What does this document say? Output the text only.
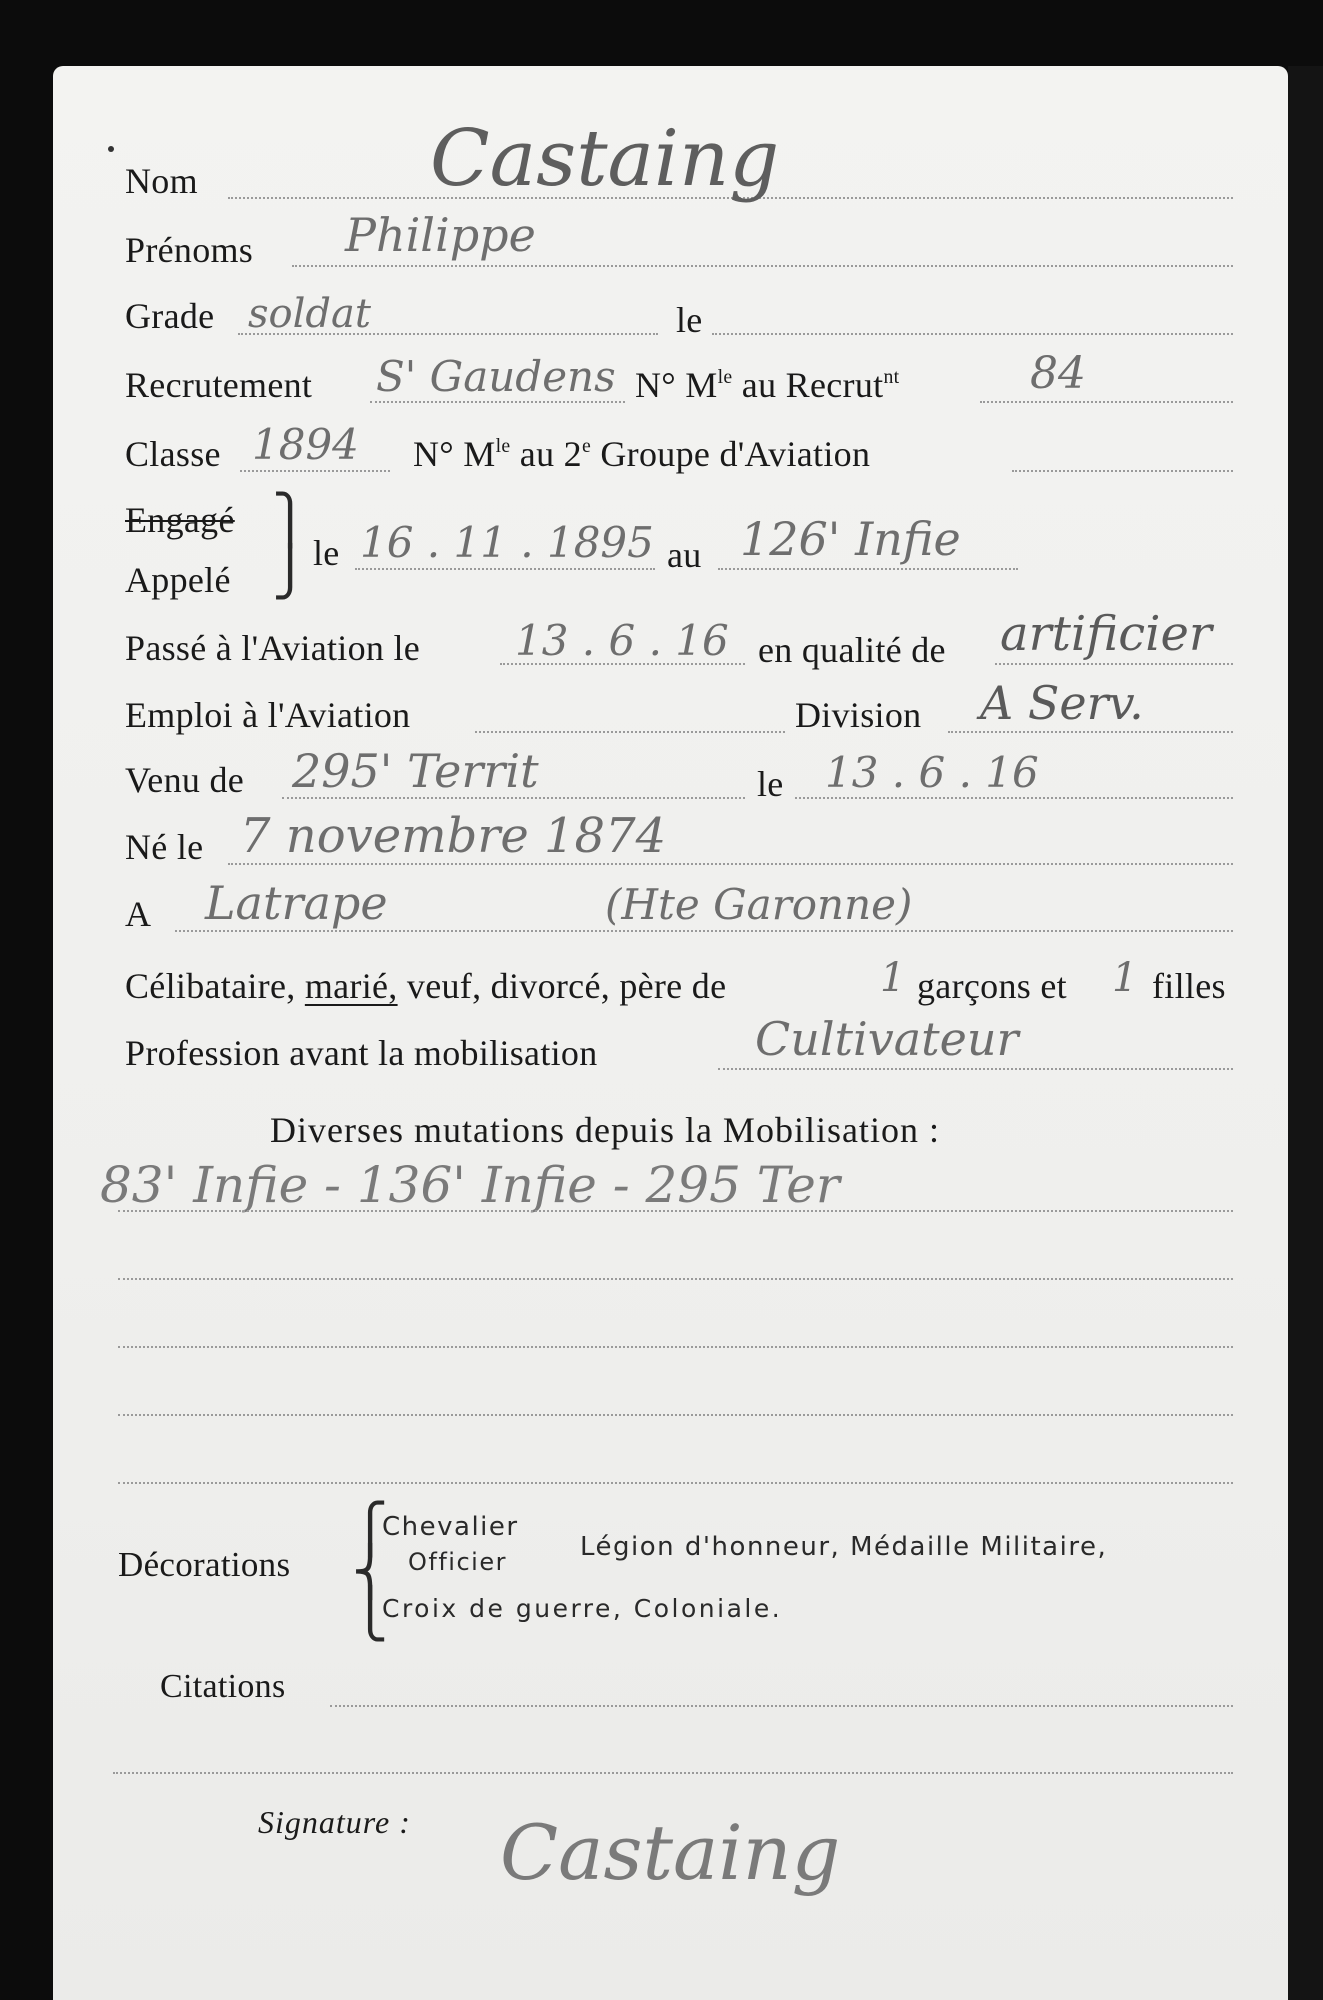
Nom	Castaing
Prénoms Philippe
Grade soldat	le
Recrutement S' Gaudens N° $M^{le}$ au Recrut$^{nt}$	84
Classe 1894 N° $M^{le}$ au 2e Groupe d'Aviation
Engagé
Appelé
⎫
⎭ le 16 . 11 . 1895 au 126' Infie
Passé à l'Aviation le 13 . 6 . 16 en qualité de artificier
Emploi à l'Aviation	Division A Serv.
Venu de 295' Territ	le 13 . 6 . 16
Né le 7 novembre 1874
A Latrape	(Hte Garonne)
Célibataire, marié, veuf, divorcé, père de	1 garçons et 1 filles
Profession avant la mobilisation	Cultivateur
Diverses mutations depuis la Mobilisation :
83' Infie - 136' Infie - 295 Ter
Décorations
⎧
⎨
⎩
Chevalier
Officier	Légion d'honneur, Médaille Militaire,
Croix de guerre, Coloniale.
Citations
Signature : Castaing
